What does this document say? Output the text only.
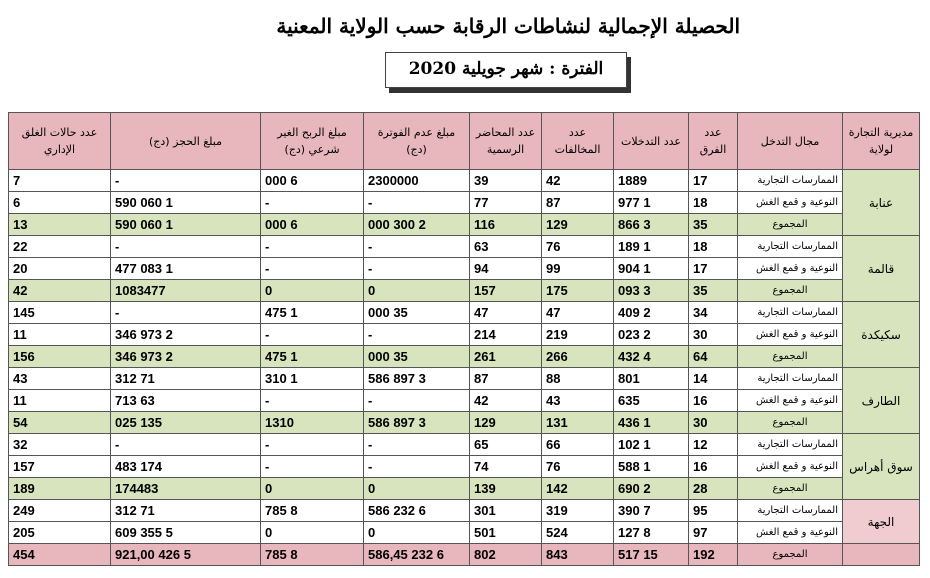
الحصيلة الإجمالية لنشاطات الرقابة حسب الولاية المعنية
الفترة : شهر جويلية 2020
مديرية التجارة لولاية	مجال التدخل	عدد الفرق	عدد التدخلات	عدد المخالفات	عدد المحاضر الرسمية	مبلغ عدم الفوترة (دج)	مبلغ الربح الغير شرعي (دج)	مبلغ الحجز (دج)	عدد حالات الغلق الإداري
عنابة	الممارسات التجارية	17	1889	42	39	2300000	6 000	-	7
	النوعية و قمع الغش	18	1 977	87	77	-	-	1 060 590	6
	المجموع	35	3 866	129	116	2 300 000	6 000	1 060 590	13
قالمة	الممارسات التجارية	18	1 189	76	63	-	-	-	22
	النوعية و قمع الغش	17	1 904	99	94	-	-	1 083 477	20
	المجموع	35	3 093	175	157	0	0	1083477	42
سكيكدة	الممارسات التجارية	34	2 409	47	47	35 000	1 475	-	145
	النوعية و قمع الغش	30	2 023	219	214	-	-	2 973 346	11
	المجموع	64	4 432	266	261	35 000	1 475	2 973 346	156
الطارف	الممارسات التجارية	14	801	88	87	3 897 586	1 310	71 312	43
	النوعية و قمع الغش	16	635	43	42	-	-	63 713	11
	المجموع	30	1 436	131	129	3 897 586	1310	135 025	54
سوق أهراس	الممارسات التجارية	12	1 102	66	65	-	-	-	32
	النوعية و قمع الغش	16	1 588	76	74	-	-	174 483	157
	المجموع	28	2 690	142	139	0	0	174483	189
الجهة	الممارسات التجارية	95	7 390	319	301	6 232 586	8 785	71 312	249
	النوعية و قمع الغش	97	8 127	524	501	0	0	5 355 609	205
	المجموع	192	15 517	843	802	6 232 586,45	8 785	5 426 921,00	454
